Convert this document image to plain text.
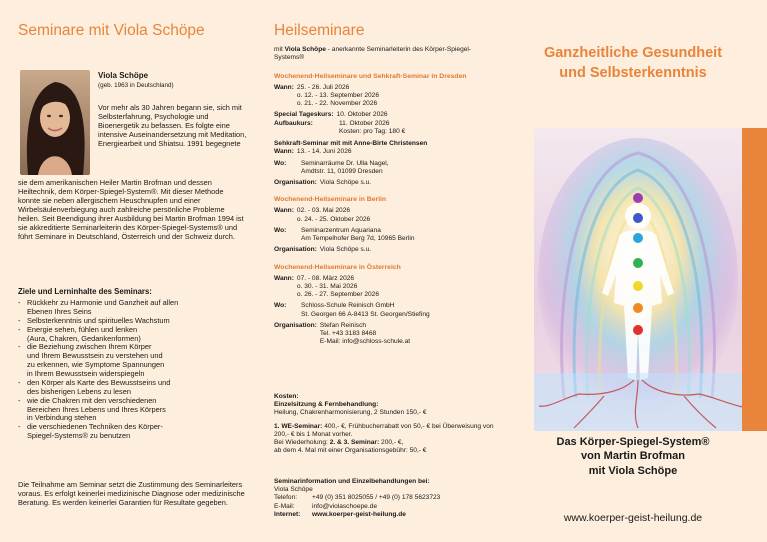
Seminare mit Viola Schöpe
Viola Schöpe
(geb. 1963 in Deutschland)
Vor mehr als 30 Jahren begann sie, sich mit Selbsterfahrung, Psychologie und Bioenergetik zu befassen. Es folgte eine intensive Auseinandersetzung mit Meditation, Energiearbeit und Shiatsu. 1991 begegnete
sie dem amerikanischen Heiler Martin Brofman und dessen Heiltechnik, dem Körper-Spiegel-System®. Mit dieser Methode konnte sie neben allergischem Heuschnupfen und einer Wirbelsäulenverbiegung auch zahlreiche persönliche Probleme heilen. Seit Beendigung ihrer Ausbildung bei Martin Brofman 1994 ist sie akkreditierte Seminarleiterin des Körper-Spiegel-Systems® und führt Seminare in Deutschland, Österreich und der Schweiz durch.
Ziele und Lerninhalte des Seminars:
- Rückkehr zu Harmonie und Ganzheit auf allen
Ebenen Ihres Seins
- Selbsterkenntnis und spirituelles Wachstum
- Energie sehen, fühlen und lenken
(Aura, Chakren, Gedankenformen)
- die Beziehung zwischen Ihrem Körper
und Ihrem Bewusstsein zu verstehen und
zu erkennen, wie Symptome Spannungen
in Ihrem Bewusstsein widerspiegeln
- den Körper als Karte des Bewusstseins und
des bisherigen Lebens zu lesen
- wie die Chakren mit den verschiedenen
Bereichen Ihres Lebens und Ihres Körpers
in Verbindung stehen
- die verschiedenen Techniken des Körper-
Spiegel-Systems® zu benutzen
Die Teilnahme am Seminar setzt die Zustimmung des Seminarleiters voraus. Es erfolgt keinerlei medizinische Diagnose oder medizinische Beratung. Es werden keinerlei Garantien für Resultate gegeben.
Heilseminare
mit Viola Schöpe - anerkannte Seminarleiterin des Körper-Spiegel-Systems®
Wochenend-Heilseminare und Sehkraft-Seminar in Dresden
Wann: 25. - 26. Juli 2026
o. 12. - 13. September 2026
o. 21. - 22. November 2026
Special Tageskurs: 10. Oktober 2026
Aufbaukurs:	11. Oktober 2026
Kosten: pro Tag: 180 €
Sehkraft-Seminar mit mit Anne-Birte Christensen
Wann: 13. - 14. Juni 2026
Wo:	Seminarräume Dr. Ulla Nagel,
Amdtstr. 11, 01099 Dresden
Organisation: Viola Schöpe s.u.
Wochenend-Heilseminare in Berlin
Wann: 02. - 03. Mai 2026
o. 24. - 25. Oktober 2026
Wo:	Seminarzentrum Aquariana
Am Tempelhofer Berg 7d, 10965 Berlin
Organisation: Viola Schöpe s.u.
Wochenend-Heilseminare in Österreich
Wann: 07. - 08. März 2026
o. 30. - 31. Mai 2026
o. 26. - 27. September 2026
Wo:	Schloss-Schule Reinisch GmbH
St. Georgen 66 A-8413 St. Georgen/Stiefing
Organisation: Stefan Reinisch
Tel. +43 3183 8468
E-Mail: info@schloss-schule.at
Kosten:
Einzelsitzung & Fernbehandlung:
Heilung, Chakrenharmonisierung, 2 Stunden 150,- €
1. WE-Seminar: 400,- €, Frühbucherrabatt von 50,- € bei Überweisung von 200,- € bis 1 Monat vorher.
Bei Wiederholung: 2. & 3. Seminar: 200,- €,
ab dem 4. Mal mit einer Organisationsgebühr: 50,- €
Seminarinformation und Einzelbehandlungen bei:
Viola Schöpe
Telefon:	+49 (0) 351 8025055 / +49 (0) 178 5623723
E-Mail:	info@violaschoepe.de
Internet:	www.koerper-geist-heilung.de
Ganzheitliche Gesundheit
und Selbsterkenntnis
Das Körper-Spiegel-System®
von Martin Brofman
mit Viola Schöpe
www.koerper-geist-heilung.de
